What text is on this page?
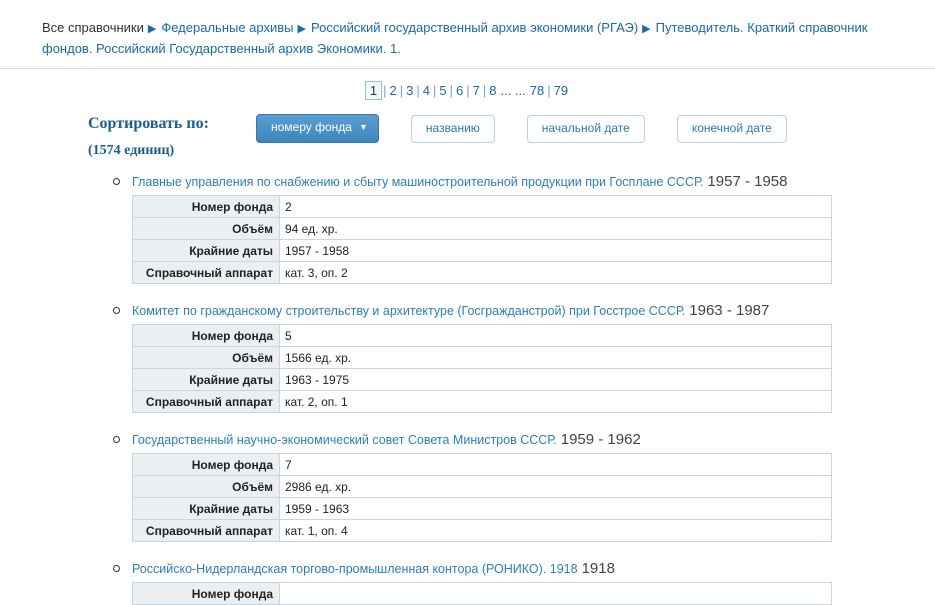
Все справочники ▶ Федеральные архивы ▶ Российский государственный архив экономики (РГАЭ) ▶ Путеводитель. Краткий справочник фондов. Российский Государственный архив Экономики. 1.
1 | 2 | 3 | 4 | 5 | 6 | 7 | 8 ... ... 78 | 79
Сортировать по:
(1574 единиц)
номеру фонда ▼	названию	начальной дате	конечной дате
Главные управления по снабжению и сбыту машиностроительной продукции при Госплане СССР. 1957 - 1958
Номер фонда	2
Объём	94 ед. хр.
Крайние даты	1957 - 1958
Справочный аппарат	кат. 3, оп. 2
Комитет по гражданскому строительству и архитектуре (Госгражданстрой) при Госстрое СССР. 1963 - 1987
Номер фонда	5
Объём	1566 ед. хр.
Крайние даты	1963 - 1975
Справочный аппарат	кат. 2, оп. 1
Государственный научно-экономический совет Совета Министров СССР. 1959 - 1962
Номер фонда	7
Объём	2986 ед. хр.
Крайние даты	1959 - 1963
Справочный аппарат	кат. 1, оп. 4
Российско-Нидерландская торгово-промышленная контора (РОНИКО). 1918 1918
Номер фонда	
